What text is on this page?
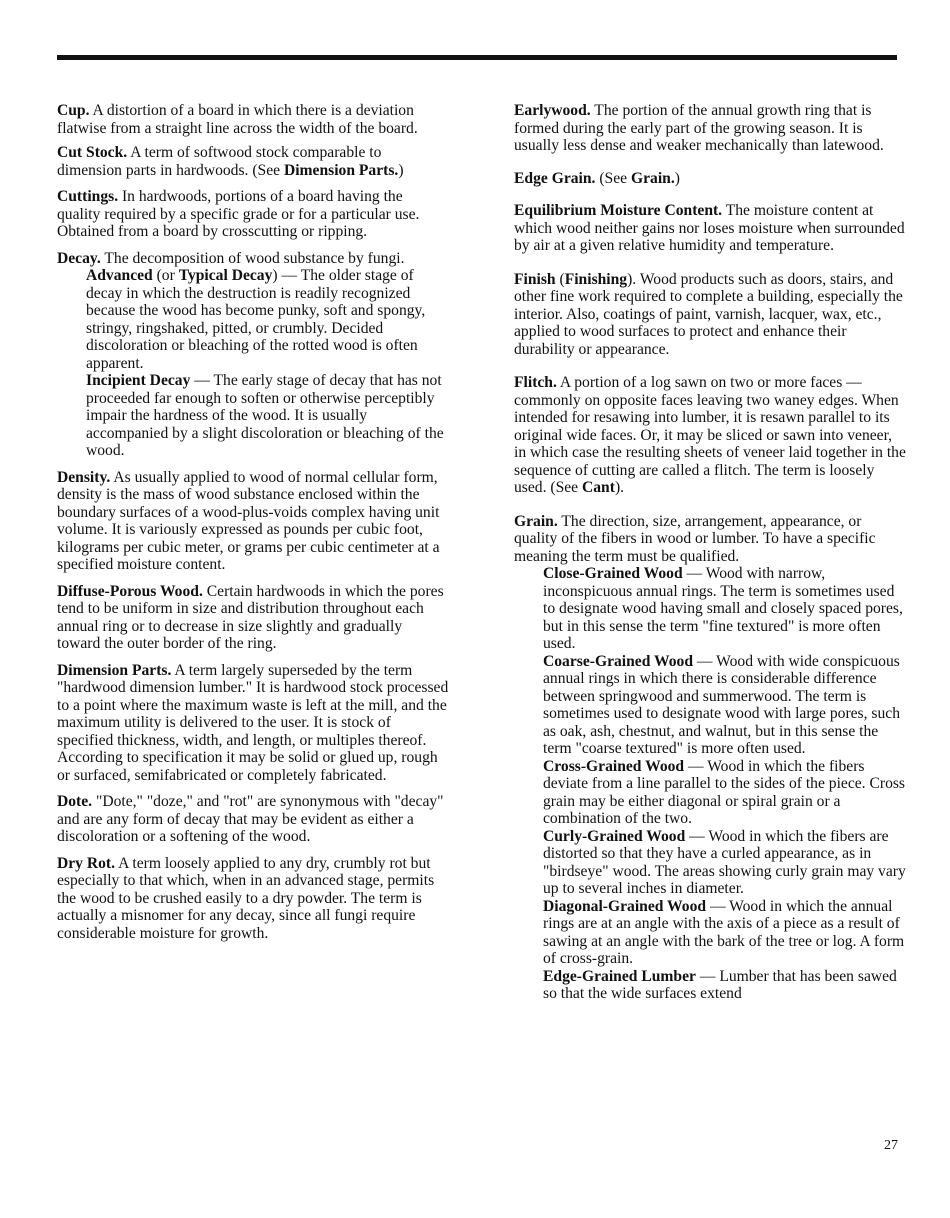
Cup. A distortion of a board in which there is a deviation flatwise from a straight line across the width of the board.

Cut Stock. A term of softwood stock comparable to dimension parts in hardwoods. (See Dimension Parts.)

Cuttings. In hardwoods, portions of a board having the quality required by a specific grade or for a particular use. Obtained from a board by crosscutting or ripping.

Decay. The decomposition of wood substance by fungi.

Advanced (or Typical Decay) — The older stage of decay in which the destruction is readily recognized because the wood has become punky, soft and spongy, stringy, ringshaked, pitted, or crumbly. Decided discoloration or bleaching of the rotted wood is often apparent.

Incipient Decay — The early stage of decay that has not proceeded far enough to soften or otherwise perceptibly impair the hardness of the wood. It is usually accompanied by a slight discoloration or bleaching of the wood.

Density. As usually applied to wood of normal cellular form, density is the mass of wood substance enclosed within the boundary surfaces of a wood-plus-voids complex having unit volume. It is variously expressed as pounds per cubic foot, kilograms per cubic meter, or grams per cubic centimeter at a specified moisture content.

Diffuse-Porous Wood. Certain hardwoods in which the pores tend to be uniform in size and distribution throughout each annual ring or to decrease in size slightly and gradually toward the outer border of the ring.

Dimension Parts. A term largely superseded by the term "hardwood dimension lumber." It is hardwood stock processed to a point where the maximum waste is left at the mill, and the maximum utility is delivered to the user. It is stock of specified thickness, width, and length, or multiples thereof. According to specification it may be solid or glued up, rough or surfaced, semifabricated or completely fabricated.

Dote. "Dote," "doze," and "rot" are synonymous with "decay" and are any form of decay that may be evident as either a discoloration or a softening of the wood.

Dry Rot. A term loosely applied to any dry, crumbly rot but especially to that which, when in an advanced stage, permits the wood to be crushed easily to a dry powder. The term is actually a misnomer for any decay, since all fungi require considerable moisture for growth.

Earlywood. The portion of the annual growth ring that is formed during the early part of the growing season. It is usually less dense and weaker mechanically than latewood.

Edge Grain. (See Grain.)

Equilibrium Moisture Content. The moisture content at which wood neither gains nor loses moisture when surrounded by air at a given relative humidity and temperature.

Finish (Finishing). Wood products such as doors, stairs, and other fine work required to complete a building, especially the interior. Also, coatings of paint, varnish, lacquer, wax, etc., applied to wood surfaces to protect and enhance their durability or appearance.

Flitch. A portion of a log sawn on two or more faces — commonly on opposite faces leaving two waney edges. When intended for resawing into lumber, it is resawn parallel to its original wide faces. Or, it may be sliced or sawn into veneer, in which case the resulting sheets of veneer laid together in the sequence of cutting are called a flitch. The term is loosely used. (See Cant).

Grain. The direction, size, arrangement, appearance, or quality of the fibers in wood or lumber. To have a specific meaning the term must be qualified.

Close-Grained Wood — Wood with narrow, inconspicuous annual rings. The term is sometimes used to designate wood having small and closely spaced pores, but in this sense the term "fine textured" is more often used.

Coarse-Grained Wood — Wood with wide conspicuous annual rings in which there is considerable difference between springwood and summerwood. The term is sometimes used to designate wood with large pores, such as oak, ash, chestnut, and walnut, but in this sense the term "coarse textured" is more often used.

Cross-Grained Wood — Wood in which the fibers deviate from a line parallel to the sides of the piece. Cross grain may be either diagonal or spiral grain or a combination of the two.

Curly-Grained Wood — Wood in which the fibers are distorted so that they have a curled appearance, as in "birdseye" wood. The areas showing curly grain may vary up to several inches in diameter.

Diagonal-Grained Wood — Wood in which the annual rings are at an angle with the axis of a piece as a result of sawing at an angle with the bark of the tree or log. A form of cross-grain.

Edge-Grained Lumber — Lumber that has been sawed so that the wide surfaces extend

27
